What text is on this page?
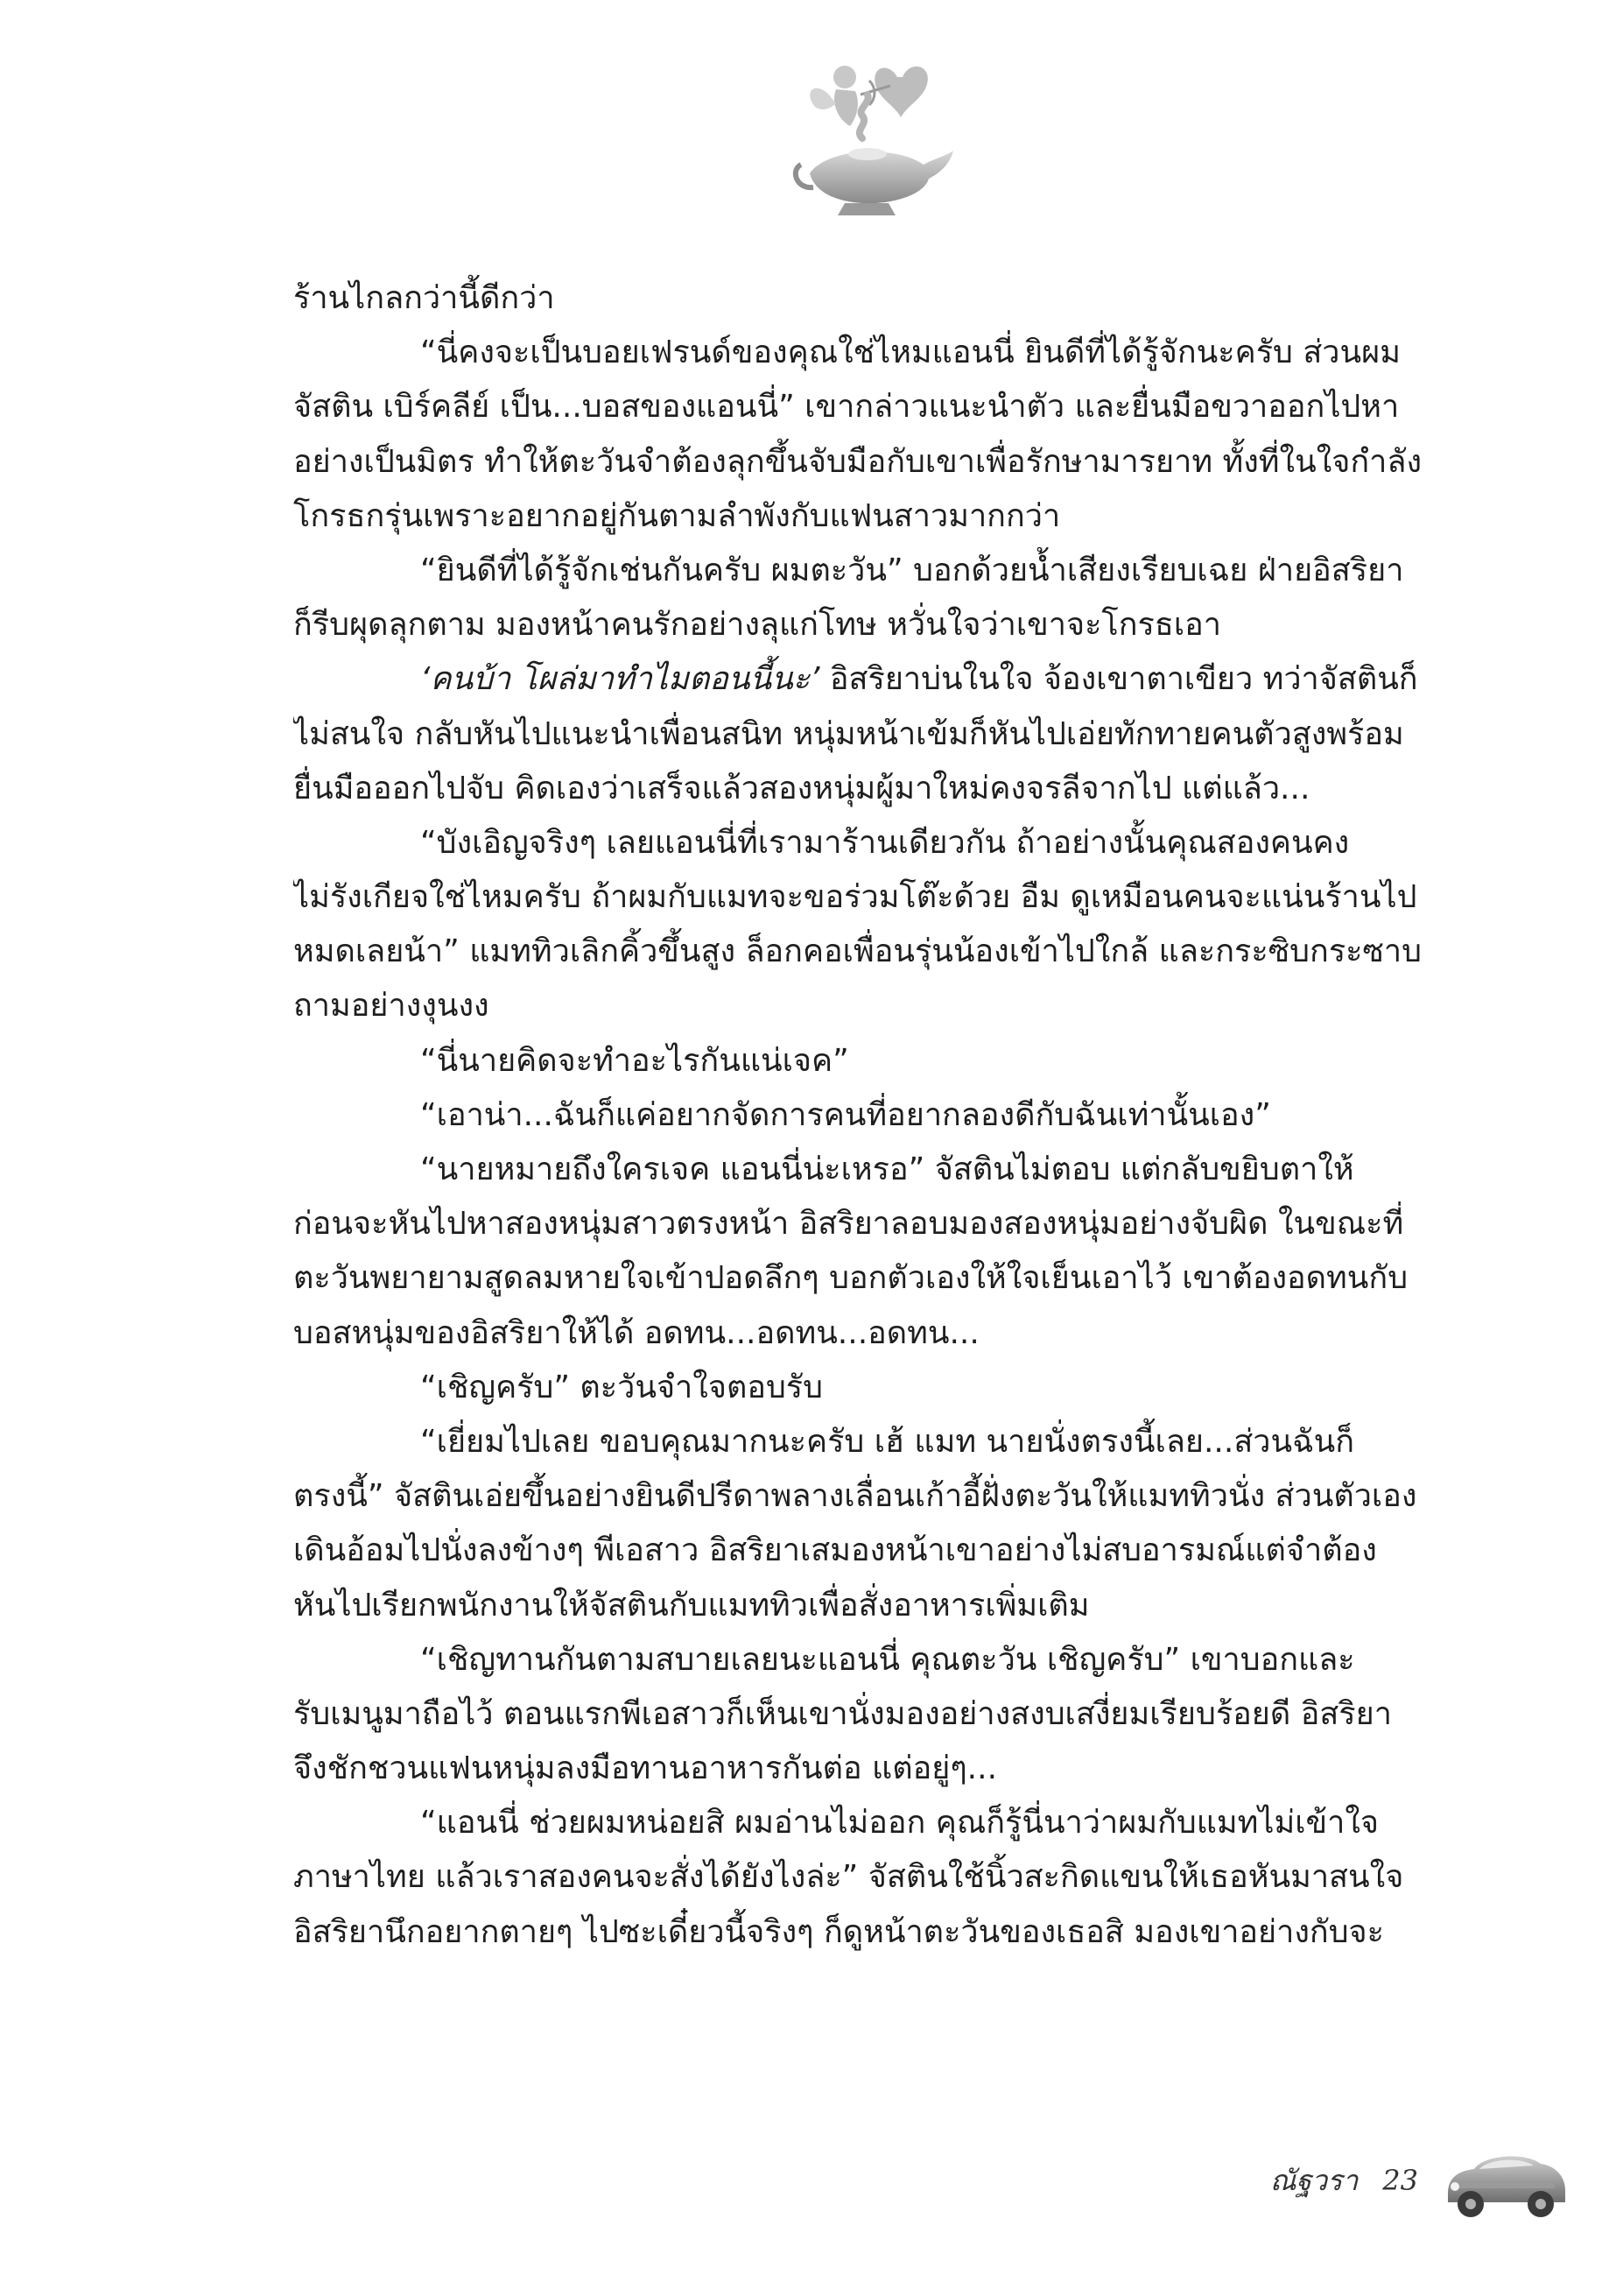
ร้านไกลกว่านี้ดีกว่า
“นี่คงจะเป็นบอยเฟรนด์ของคุณใช่ไหมแอนนี่ ยินดีที่ได้รู้จักนะครับ ส่วนผม
จัสติน เบิร์คลีย์ เป็น...บอสของแอนนี่” เขากล่าวแนะนำตัว และยื่นมือขวาออกไปหา
อย่างเป็นมิตร ทำให้ตะวันจำต้องลุกขึ้นจับมือกับเขาเพื่อรักษามารยาท ทั้งที่ในใจกำลัง
โกรธกรุ่นเพราะอยากอยู่กันตามลำพังกับแฟนสาวมากกว่า
“ยินดีที่ได้รู้จักเช่นกันครับ ผมตะวัน” บอกด้วยน้ำเสียงเรียบเฉย ฝ่ายอิสริยา
ก็รีบผุดลุกตาม มองหน้าคนรักอย่างลุแก่โทษ หวั่นใจว่าเขาจะโกรธเอา
‘คนบ้า โผล่มาทำไมตอนนี้นะ’ อิสริยาบ่นในใจ จ้องเขาตาเขียว ทว่าจัสตินก็
ไม่สนใจ กลับหันไปแนะนำเพื่อนสนิท หนุ่มหน้าเข้มก็หันไปเอ่ยทักทายคนตัวสูงพร้อม
ยื่นมือออกไปจับ คิดเองว่าเสร็จแล้วสองหนุ่มผู้มาใหม่คงจรลีจากไป แต่แล้ว...
“บังเอิญจริงๆ เลยแอนนี่ที่เรามาร้านเดียวกัน ถ้าอย่างนั้นคุณสองคนคง
ไม่รังเกียจใช่ไหมครับ ถ้าผมกับแมทจะขอร่วมโต๊ะด้วย อืม ดูเหมือนคนจะแน่นร้านไป
หมดเลยน้า” แมททิวเลิกคิ้วขึ้นสูง ล็อกคอเพื่อนรุ่นน้องเข้าไปใกล้ และกระซิบกระซาบ
ถามอย่างงุนงง
“นี่นายคิดจะทำอะไรกันแน่เจค”
“เอาน่า...ฉันก็แค่อยากจัดการคนที่อยากลองดีกับฉันเท่านั้นเอง”
“นายหมายถึงใครเจค แอนนี่น่ะเหรอ” จัสตินไม่ตอบ แต่กลับขยิบตาให้
ก่อนจะหันไปหาสองหนุ่มสาวตรงหน้า อิสริยาลอบมองสองหนุ่มอย่างจับผิด ในขณะที่
ตะวันพยายามสูดลมหายใจเข้าปอดลึกๆ บอกตัวเองให้ใจเย็นเอาไว้ เขาต้องอดทนกับ
บอสหนุ่มของอิสริยาให้ได้ อดทน...อดทน...อดทน...
“เชิญครับ” ตะวันจำใจตอบรับ
“เยี่ยมไปเลย ขอบคุณมากนะครับ เฮ้ แมท นายนั่งตรงนี้เลย...ส่วนฉันก็
ตรงนี้” จัสตินเอ่ยขึ้นอย่างยินดีปรีดาพลางเลื่อนเก้าอี้ฝั่งตะวันให้แมททิวนั่ง ส่วนตัวเอง
เดินอ้อมไปนั่งลงข้างๆ พีเอสาว อิสริยาเสมองหน้าเขาอย่างไม่สบอารมณ์แต่จำต้อง
หันไปเรียกพนักงานให้จัสตินกับแมททิวเพื่อสั่งอาหารเพิ่มเติม
“เชิญทานกันตามสบายเลยนะแอนนี่ คุณตะวัน เชิญครับ” เขาบอกและ
รับเมนูมาถือไว้ ตอนแรกพีเอสาวก็เห็นเขานั่งมองอย่างสงบเสงี่ยมเรียบร้อยดี อิสริยา
จึงชักชวนแฟนหนุ่มลงมือทานอาหารกันต่อ แต่อยู่ๆ...
“แอนนี่ ช่วยผมหน่อยสิ ผมอ่านไม่ออก คุณก็รู้นี่นาว่าผมกับแมทไม่เข้าใจ
ภาษาไทย แล้วเราสองคนจะสั่งได้ยังไงล่ะ” จัสตินใช้นิ้วสะกิดแขนให้เธอหันมาสนใจ
อิสริยานึกอยากตายๆ ไปซะเดี๋ยวนี้จริงๆ ก็ดูหน้าตะวันของเธอสิ มองเขาอย่างกับจะ
ณัฐวรา 23
